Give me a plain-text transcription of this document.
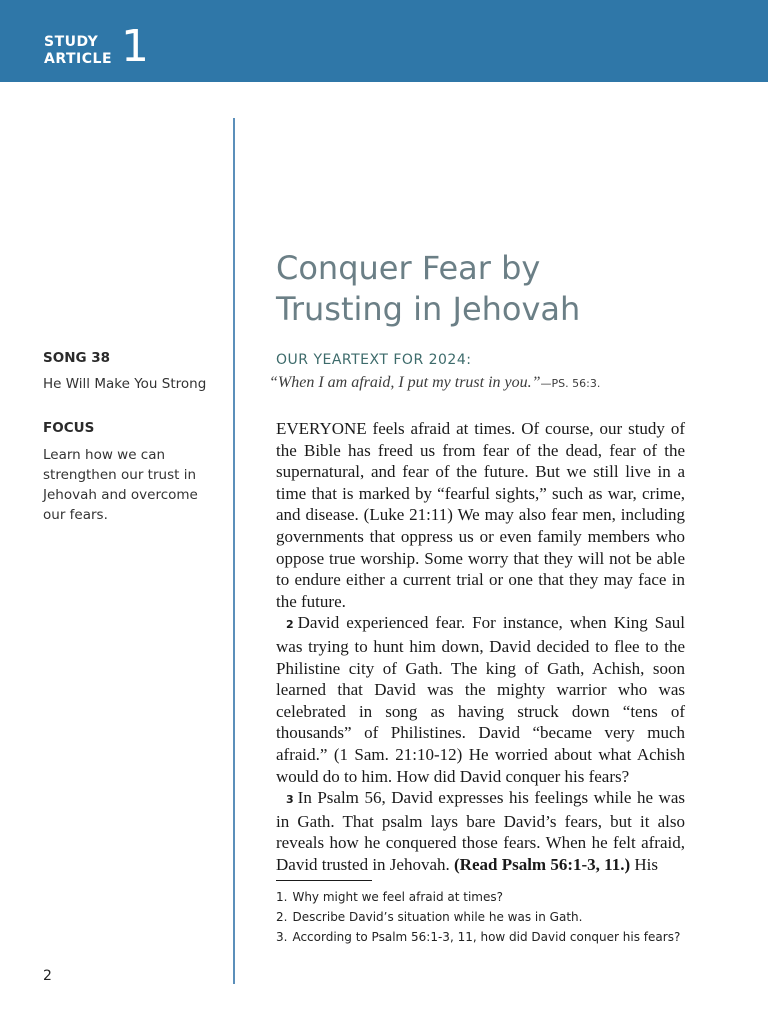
STUDY
ARTICLE 1
SONG 38
He Will Make You Strong
FOCUS
Learn how we can strengthen our trust in Jehovah and overcome our fears.
Conquer Fear by
Trusting in Jehovah
OUR YEARTEXT FOR 2024:
“When I am afraid, I put my trust in you.”—PS. 56:3.

EVERYONE feels afraid at times. Of course, our study of the Bible has freed us from fear of the dead, fear of the supernatural, and fear of the future. But we still live in a time that is marked by “fearful sights,” such as war, crime, and disease. (Luke 21:11) We may also fear men, including governments that oppress us or even family members who oppose true worship. Some worry that they will not be able to endure either a current trial or one that they may face in the future.

2 David experienced fear. For instance, when King Saul was trying to hunt him down, David decided to flee to the Philistine city of Gath. The king of Gath, Achish, soon learned that David was the mighty warrior who was celebrated in song as having struck down “tens of thousands” of Philistines. David “became very much afraid.” (1 Sam. 21:10-12) He worried about what Achish would do to him. How did David conquer his fears?

3 In Psalm 56, David expresses his feelings while he was in Gath. That psalm lays bare David’s fears, but it also reveals how he conquered those fears. When he felt afraid, David trusted in Jehovah. (Read Psalm 56:1-3, 11.) His

1. Why might we feel afraid at times?
2. Describe David’s situation while he was in Gath.
3. According to Psalm 56:1-3, 11, how did David conquer his fears?
2
